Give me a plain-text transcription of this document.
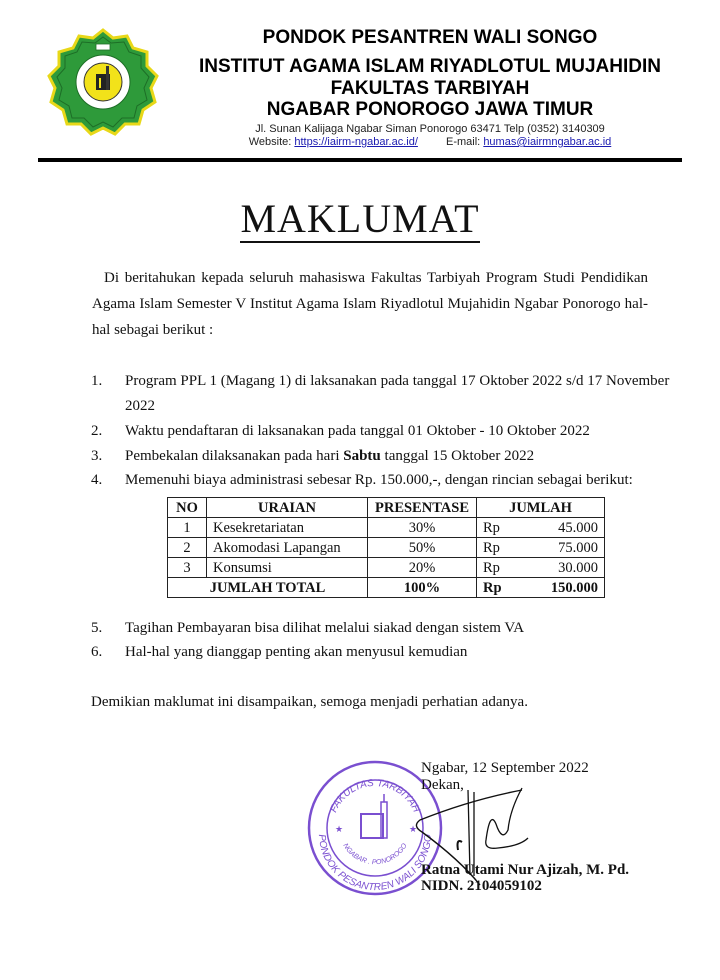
PONDOK PESANTREN WALI SONGO
INSTITUT AGAMA ISLAM RIYADLOTUL MUJAHIDIN
FAKULTAS TARBIYAH
NGABAR PONOROGO JAWA TIMUR
Jl. Sunan Kalijaga Ngabar Siman Ponorogo 63471 Telp (0352) 3140309
Website: https://iairm-ngabar.ac.id/	E-mail: humas@iairmngabar.ac.id
MAKLUMAT
Di beritahukan kepada seluruh mahasiswa Fakultas Tarbiyah Program Studi Pendidikan Agama Islam Semester V Institut Agama Islam Riyadlotul Mujahidin Ngabar Ponorogo hal-hal sebagai berikut :
1. Program PPL 1 (Magang 1) di laksanakan pada tanggal 17 Oktober 2022 s/d 17 November
2022
2. Waktu pendaftaran di laksanakan pada tanggal 01 Oktober - 10 Oktober 2022
3. Pembekalan dilaksanakan pada hari Sabtu tanggal 15 Oktober 2022
4. Memenuhi biaya administrasi sebesar Rp. 150.000,-, dengan rincian sebagai berikut:
NO	URAIAN	PRESENTASE	JUMLAH	
1	Kesekretariatan	30%	Rp	45.000
2	Akomodasi Lapangan	50%	Rp	75.000
3	Konsumsi	20%	Rp	30.000
JUMLAH TOTAL		100%	Rp	150.000
5. Tagihan Pembayaran bisa dilihat melalui siakad dengan sistem VA
6. Hal-hal yang dianggap penting akan menyusul kemudian
Demikian maklumat ini disampaikan, semoga menjadi perhatian adanya.
FAKULTAS TARBIYAH
NGABAR . PONOROGO
PONDOK PESANTREN WALI SONGO
★	★
Ngabar, 12 September 2022
Dekan,
Ratna Utami Nur Ajizah, M. Pd.
NIDN. 2104059102
